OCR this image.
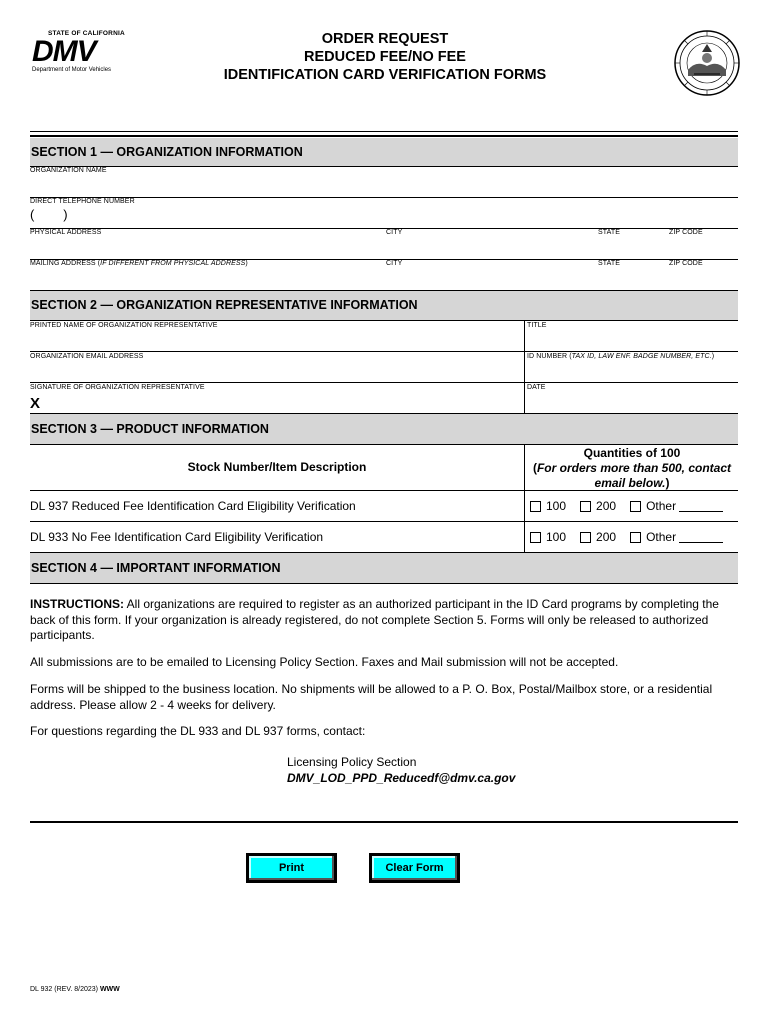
STATE OF CALIFORNIA
DMV
Department of Motor Vehicles
ORDER REQUEST
REDUCED FEE/NO FEE
IDENTIFICATION CARD VERIFICATION FORMS
SECTION 1 — ORGANIZATION INFORMATION
ORGANIZATION NAME
DIRECT TELEPHONE NUMBER
(        )
PHYSICAL ADDRESS	CITY	STATE	ZIP CODE
MAILING ADDRESS (IF DIFFERENT FROM PHYSICAL ADDRESS)	CITY	STATE	ZIP CODE
SECTION 2 — ORGANIZATION REPRESENTATIVE INFORMATION
PRINTED NAME OF ORGANIZATION REPRESENTATIVE	TITLE
ORGANIZATION EMAIL ADDRESS	ID NUMBER (TAX ID, LAW ENF. BADGE NUMBER, ETC.)
SIGNATURE OF ORGANIZATION REPRESENTATIVE
X
DATE
SECTION 3 — PRODUCT INFORMATION
Stock Number/Item Description
Quantities of 100
(For orders more than 500, contact
email below.)
DL 937 Reduced Fee Identification Card Eligibility Verification	100	200	Other
DL 933 No Fee Identification Card Eligibility Verification	100	200	Other
SECTION 4 — IMPORTANT INFORMATION
INSTRUCTIONS: All organizations are required to register as an authorized participant in the ID Card programs by completing the back of this form. If your organization is already registered, do not complete Section 5. Forms will only be released to authorized participants.
All submissions are to be emailed to Licensing Policy Section. Faxes and Mail submission will not be accepted.
Forms will be shipped to the business location. No shipments will be allowed to a P. O. Box, Postal/Mailbox store, or a residential address. Please allow 2 - 4 weeks for delivery.
For questions regarding the DL 933 and DL 937 forms, contact:
Licensing Policy Section
DMV_LOD_PPD_Reducedf@dmv.ca.gov
Print	Clear Form
DL 932 (REV. 8/2023) WWW
